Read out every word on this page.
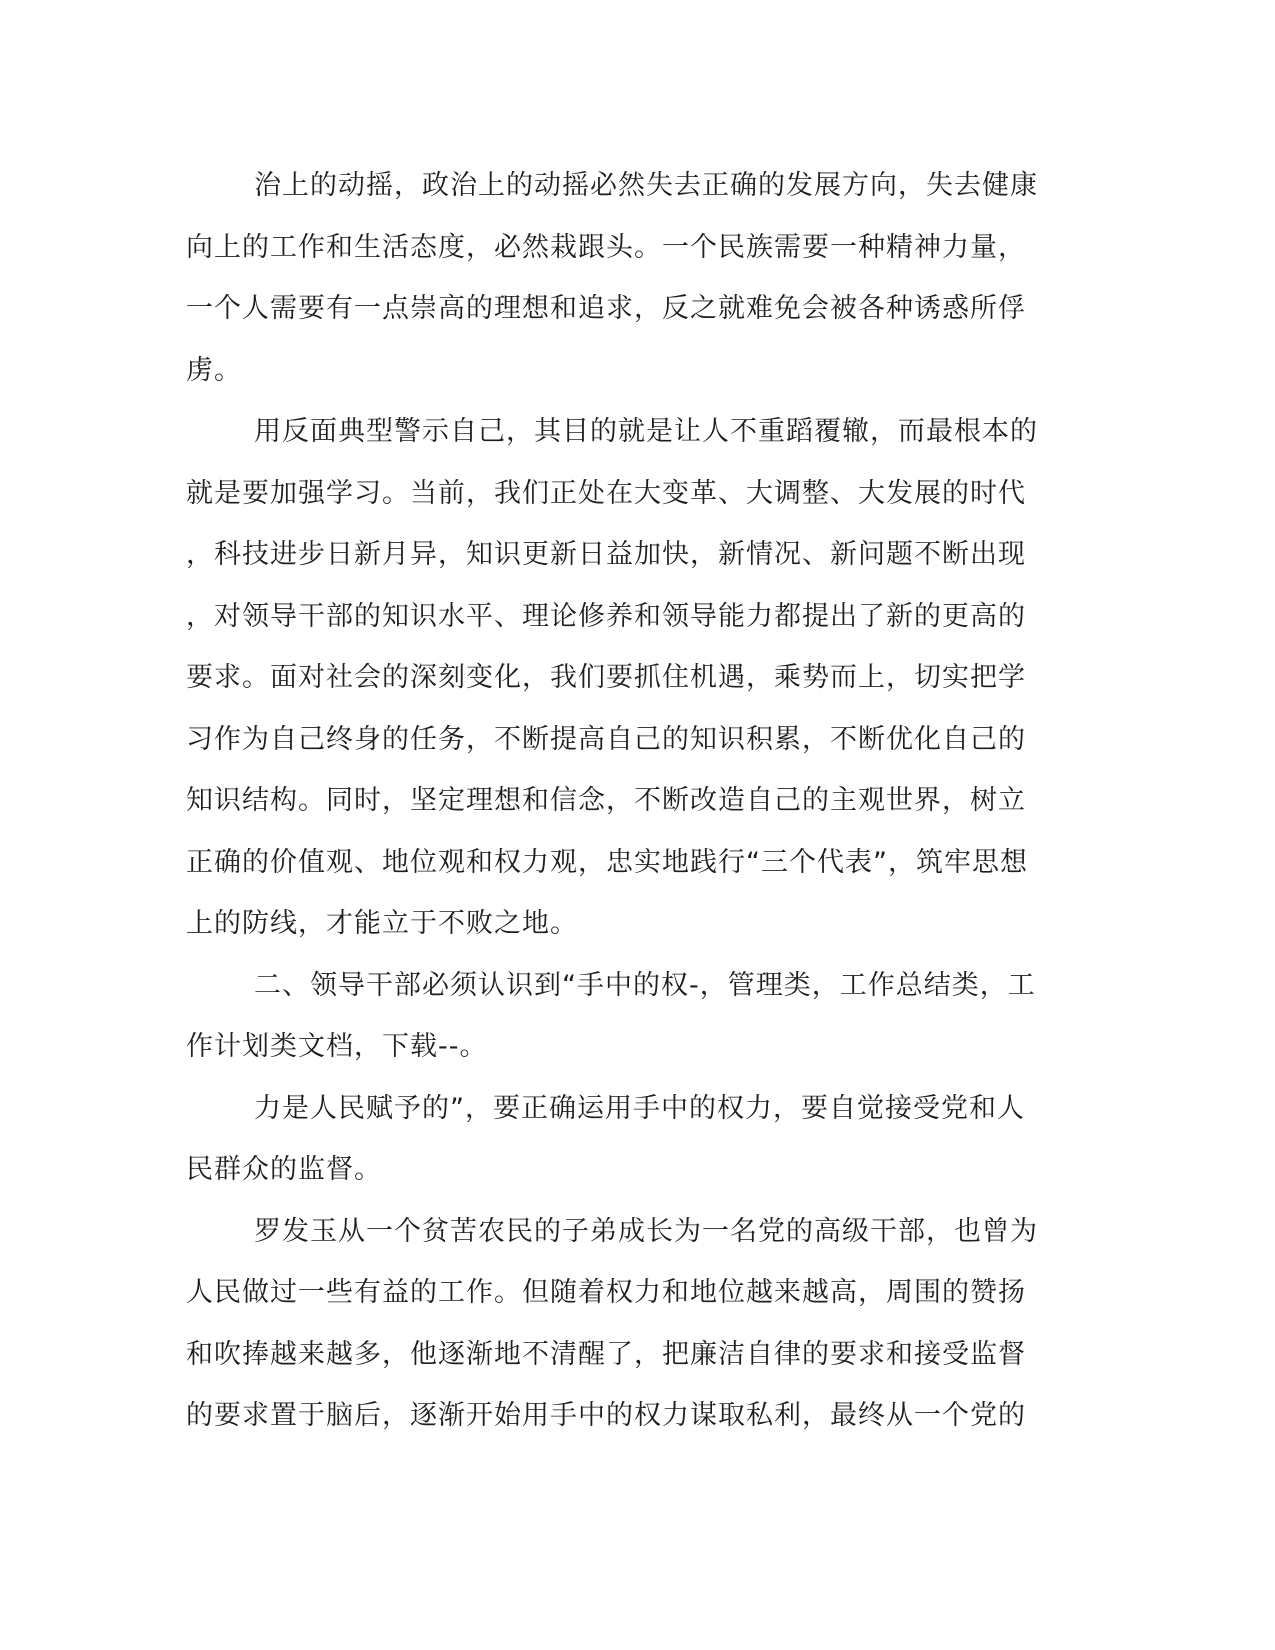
治上的动摇，政治上的动摇必然失去正确的发展方向，失去健康
向上的工作和生活态度，必然栽跟头。一个民族需要一种精神力量，
一个人需要有一点崇高的理想和追求，反之就难免会被各种诱惑所俘
虏。
用反面典型警示自己，其目的就是让人不重蹈覆辙，而最根本的
就是要加强学习。当前，我们正处在大变革、大调整、大发展的时代
，科技进步日新月异，知识更新日益加快，新情况、新问题不断出现
，对领导干部的知识水平、理论修养和领导能力都提出了新的更高的
要求。面对社会的深刻变化，我们要抓住机遇，乘势而上，切实把学
习作为自己终身的任务，不断提高自己的知识积累，不断优化自己的
知识结构。同时，坚定理想和信念，不断改造自己的主观世界，树立
正确的价值观、地位观和权力观，忠实地践行“三个代表”，筑牢思想
上的防线，才能立于不败之地。
二、领导干部必须认识到“手中的权-，管理类，工作总结类，工
作计划类文档，下载--。
力是人民赋予的”，要正确运用手中的权力，要自觉接受党和人
民群众的监督。
罗发玉从一个贫苦农民的子弟成长为一名党的高级干部，也曾为
人民做过一些有益的工作。但随着权力和地位越来越高，周围的赞扬
和吹捧越来越多，他逐渐地不清醒了，把廉洁自律的要求和接受监督
的要求置于脑后，逐渐开始用手中的权力谋取私利，最终从一个党的
